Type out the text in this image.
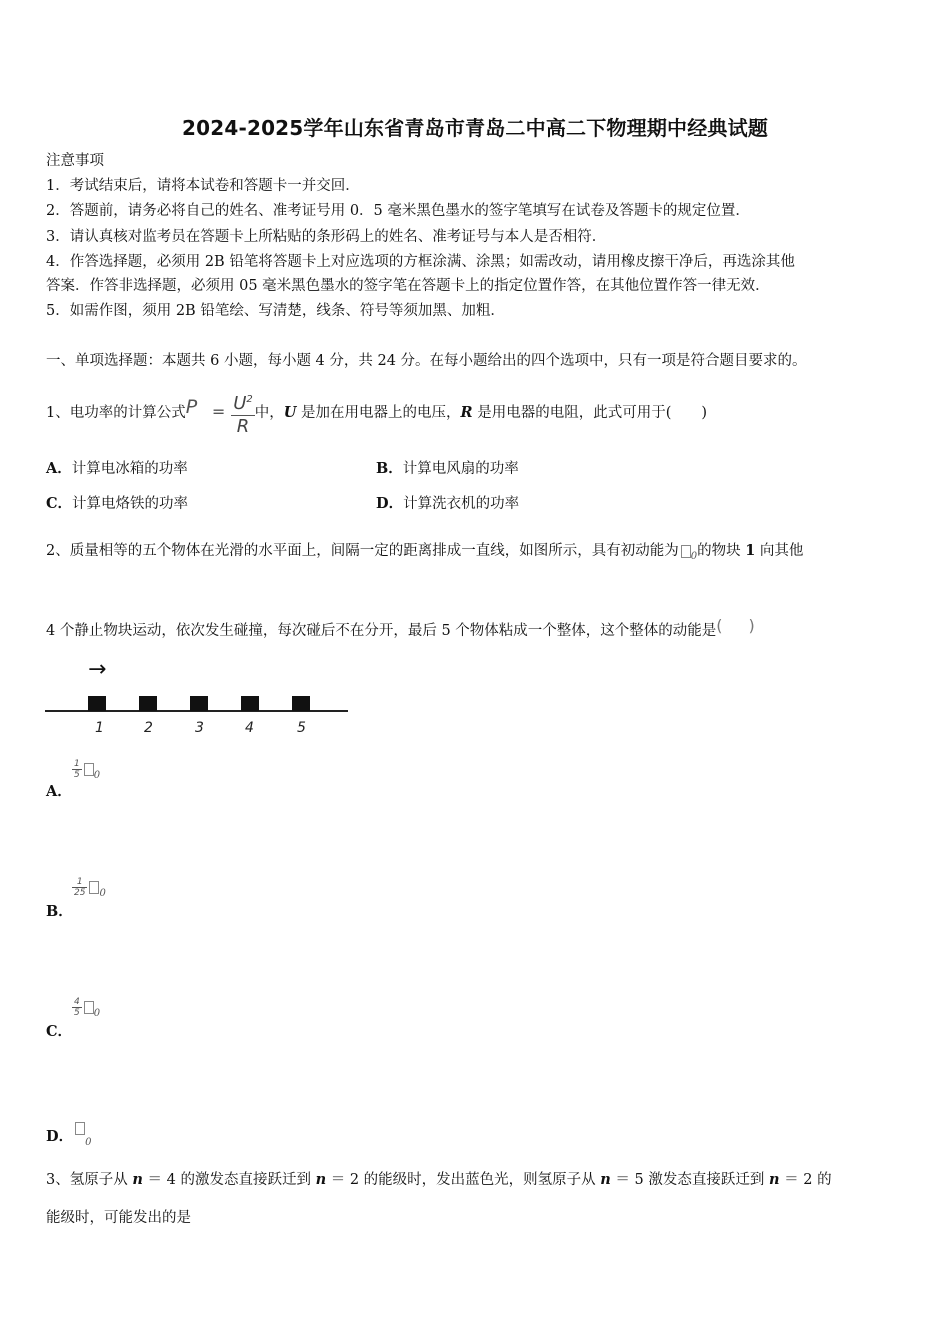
2024-2025学年山东省青岛市青岛二中高二下物理期中经典试题
注意事项
1．考试结束后，请将本试卷和答题卡一并交回．
2．答题前，请务必将自己的姓名、准考证号用 0．5 毫米黑色墨水的签字笔填写在试卷及答题卡的规定位置．
3．请认真核对监考员在答题卡上所粘贴的条形码上的姓名、准考证号与本人是否相符．
4．作答选择题，必须用 2B 铅笔将答题卡上对应选项的方框涂满、涂黑；如需改动，请用橡皮擦干净后，再选涂其他
答案．作答非选择题，必须用 05 毫米黑色墨水的签字笔在答题卡上的指定位置作答，在其他位置作答一律无效．
5．如需作图，须用 2B 铅笔绘、写清楚，线条、符号等须加黑、加粗．
一、单项选择题：本题共 6 小题，每小题 4 分，共 24 分。在每小题给出的四个选项中，只有一项是符合题目要求的。
1、电功率的计算公式$P = \frac{U^2}{R}$ 中，U 是加在用电器上的电压，R 是用电器的电阻，此式可用于( )
A．计算电冰箱的功率	B．计算电风扇的功率
C．计算电烙铁的功率	D．计算洗衣机的功率
2、质量相等的五个物体在光滑的水平面上，间隔一定的距离排成一直线，如图所示，具有初动能为 $_0$的物块 1 向其他
4 个静止物块运动，依次发生碰撞，每次碰后不在分开，最后 5 个物体粘成一个整体，这个整体的动能是( )
→
1	2	3	4	5
$\frac{1}{5} _0$
A．
$\frac{1}{25} _0$
B．
$\frac{4}{5} _0$
C．
D． $_0$
3、氢原子从 n ＝ 4 的激发态直接跃迁到 n ＝ 2 的能级时，发出蓝色光，则氢原子从 n ＝ 5 激发态直接跃迁到 n ＝ 2 的
能级时，可能发出的是
